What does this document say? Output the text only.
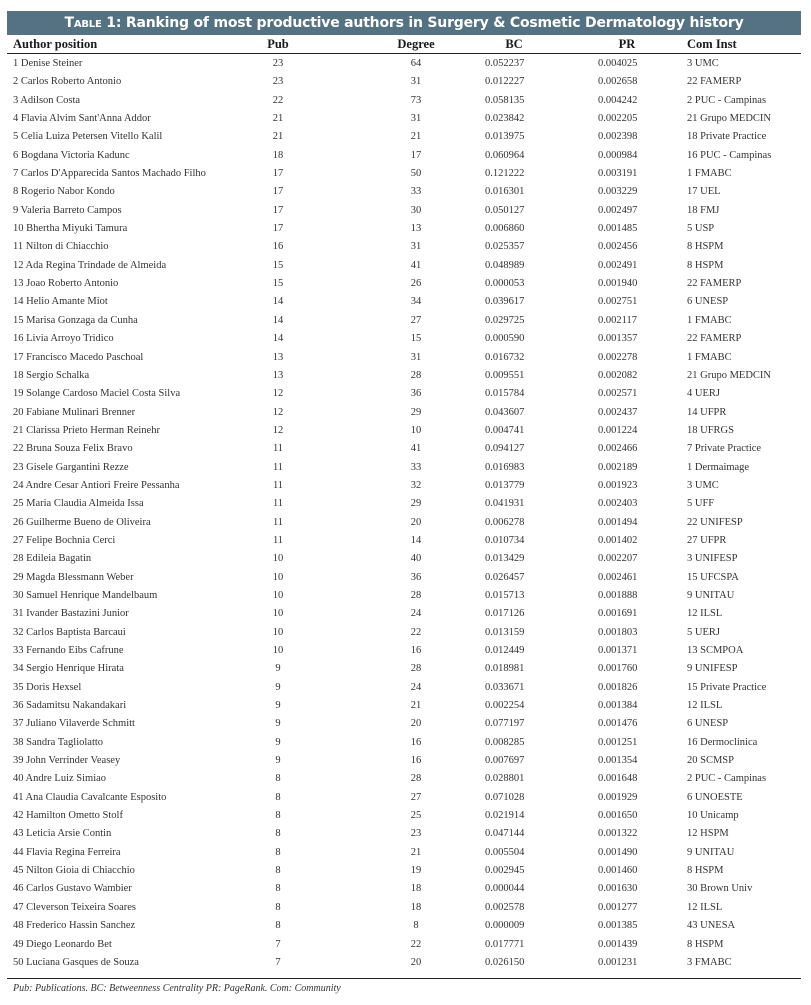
Table 1: Ranking of most productive authors in Surgery & Cosmetic Dermatology history
Author position	Pub	Degree	BC	PR	Com Inst
1 Denise Steiner	23	64	0.052237	0.004025	3 UMC
2 Carlos Roberto Antonio	23	31	0.012227	0.002658	22 FAMERP
3 Adilson Costa	22	73	0.058135	0.004242	2 PUC - Campinas
4 Flavia Alvim Sant'Anna Addor	21	31	0.023842	0.002205	21 Grupo MEDCIN
5 Celia Luiza Petersen Vitello Kalil	21	21	0.013975	0.002398	18 Private Practice
6 Bogdana Victoria Kadunc	18	17	0.060964	0.000984	16 PUC - Campinas
7 Carlos D'Apparecida Santos Machado Filho	17	50	0.121222	0.003191	1 FMABC
8 Rogerio Nabor Kondo	17	33	0.016301	0.003229	17 UEL
9 Valeria Barreto Campos	17	30	0.050127	0.002497	18 FMJ
10 Bhertha Miyuki Tamura	17	13	0.006860	0.001485	5 USP
11 Nilton di Chiacchio	16	31	0.025357	0.002456	8 HSPM
12 Ada Regina Trindade de Almeida	15	41	0.048989	0.002491	8 HSPM
13 Joao Roberto Antonio	15	26	0.000053	0.001940	22 FAMERP
14 Helio Amante Miot	14	34	0.039617	0.002751	6 UNESP
15 Marisa Gonzaga da Cunha	14	27	0.029725	0.002117	1 FMABC
16 Livia Arroyo Tridico	14	15	0.000590	0.001357	22 FAMERP
17 Francisco Macedo Paschoal	13	31	0.016732	0.002278	1 FMABC
18 Sergio Schalka	13	28	0.009551	0.002082	21 Grupo MEDCIN
19 Solange Cardoso Maciel Costa Silva	12	36	0.015784	0.002571	4 UERJ
20 Fabiane Mulinari Brenner	12	29	0.043607	0.002437	14 UFPR
21 Clarissa Prieto Herman Reinehr	12	10	0.004741	0.001224	18 UFRGS
22 Bruna Souza Felix Bravo	11	41	0.094127	0.002466	7 Private Practice
23 Gisele Gargantini Rezze	11	33	0.016983	0.002189	1 Dermaimage
24 Andre Cesar Antiori Freire Pessanha	11	32	0.013779	0.001923	3 UMC
25 Maria Claudia Almeida Issa	11	29	0.041931	0.002403	5 UFF
26 Guilherme Bueno de Oliveira	11	20	0.006278	0.001494	22 UNIFESP
27 Felipe Bochnia Cerci	11	14	0.010734	0.001402	27 UFPR
28 Edileia Bagatin	10	40	0.013429	0.002207	3 UNIFESP
29 Magda Blessmann Weber	10	36	0.026457	0.002461	15 UFCSPA
30 Samuel Henrique Mandelbaum	10	28	0.015713	0.001888	9 UNITAU
31 Ivander Bastazini Junior	10	24	0.017126	0.001691	12 ILSL
32 Carlos Baptista Barcaui	10	22	0.013159	0.001803	5 UERJ
33 Fernando Eibs Cafrune	10	16	0.012449	0.001371	13 SCMPOA
34 Sergio Henrique Hirata	9	28	0.018981	0.001760	9 UNIFESP
35 Doris Hexsel	9	24	0.033671	0.001826	15 Private Practice
36 Sadamitsu Nakandakari	9	21	0.002254	0.001384	12 ILSL
37 Juliano Vilaverde Schmitt	9	20	0.077197	0.001476	6 UNESP
38 Sandra Tagliolatto	9	16	0.008285	0.001251	16 Dermoclinica
39 John Verrinder Veasey	9	16	0.007697	0.001354	20 SCMSP
40 Andre Luiz Simiao	8	28	0.028801	0.001648	2 PUC - Campinas
41 Ana Claudia Cavalcante Esposito	8	27	0.071028	0.001929	6 UNOESTE
42 Hamilton Ometto Stolf	8	25	0.021914	0.001650	10 Unicamp
43 Leticia Arsie Contin	8	23	0.047144	0.001322	12 HSPM
44 Flavia Regina Ferreira	8	21	0.005504	0.001490	9 UNITAU
45 Nilton Gioia di Chiacchio	8	19	0.002945	0.001460	8 HSPM
46 Carlos Gustavo Wambier	8	18	0.000044	0.001630	30 Brown Univ
47 Cleverson Teixeira Soares	8	18	0.002578	0.001277	12 ILSL
48 Frederico Hassin Sanchez	8	8	0.000009	0.001385	43 UNESA
49 Diego Leonardo Bet	7	22	0.017771	0.001439	8 HSPM
50 Luciana Gasques de Souza	7	20	0.026150	0.001231	3 FMABC
Pub: Publications. BC: Betweenness Centrality PR: PageRank. Com: Community
